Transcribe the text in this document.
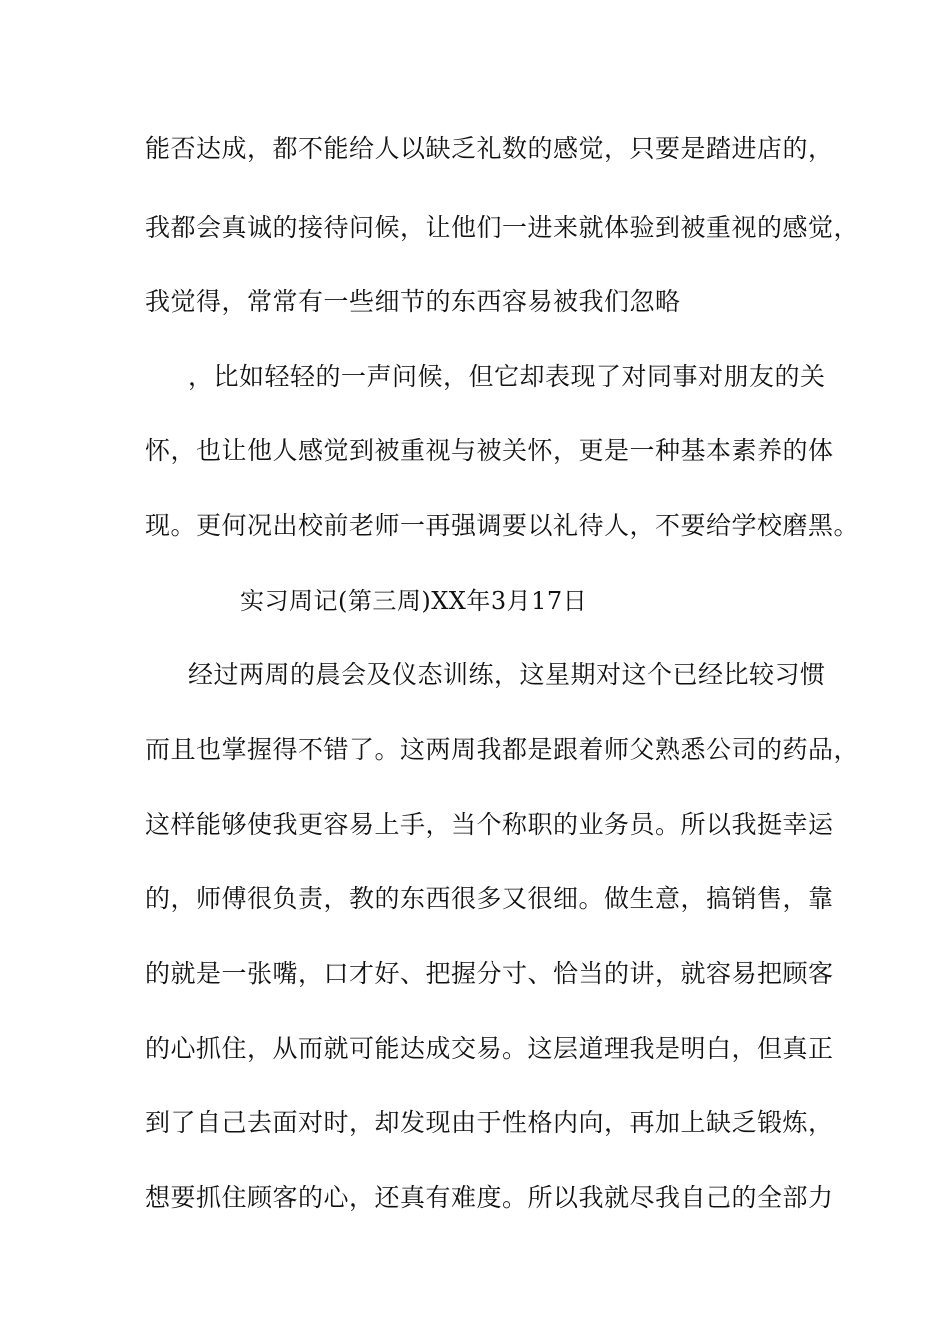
能否达成，都不能给人以缺乏礼数的感觉，只要是踏进店的，
我都会真诚的接待问候，让他们一进来就体验到被重视的感觉，
我觉得，常常有一些细节的东西容易被我们忽略
，比如轻轻的一声问候，但它却表现了对同事对朋友的关
怀，也让他人感觉到被重视与被关怀，更是一种基本素养的体
现。更何况出校前老师一再强调要以礼待人，不要给学校磨黑。
实习周记(第三周)XX年3月17日
经过两周的晨会及仪态训练，这星期对这个已经比较习惯
而且也掌握得不错了。这两周我都是跟着师父熟悉公司的药品，
这样能够使我更容易上手，当个称职的业务员。所以我挺幸运
的，师傅很负责，教的东西很多又很细。做生意，搞销售，靠
的就是一张嘴，口才好、把握分寸、恰当的讲，就容易把顾客
的心抓住，从而就可能达成交易。这层道理我是明白，但真正
到了自己去面对时，却发现由于性格内向，再加上缺乏锻炼，
想要抓住顾客的心，还真有难度。所以我就尽我自己的全部力
